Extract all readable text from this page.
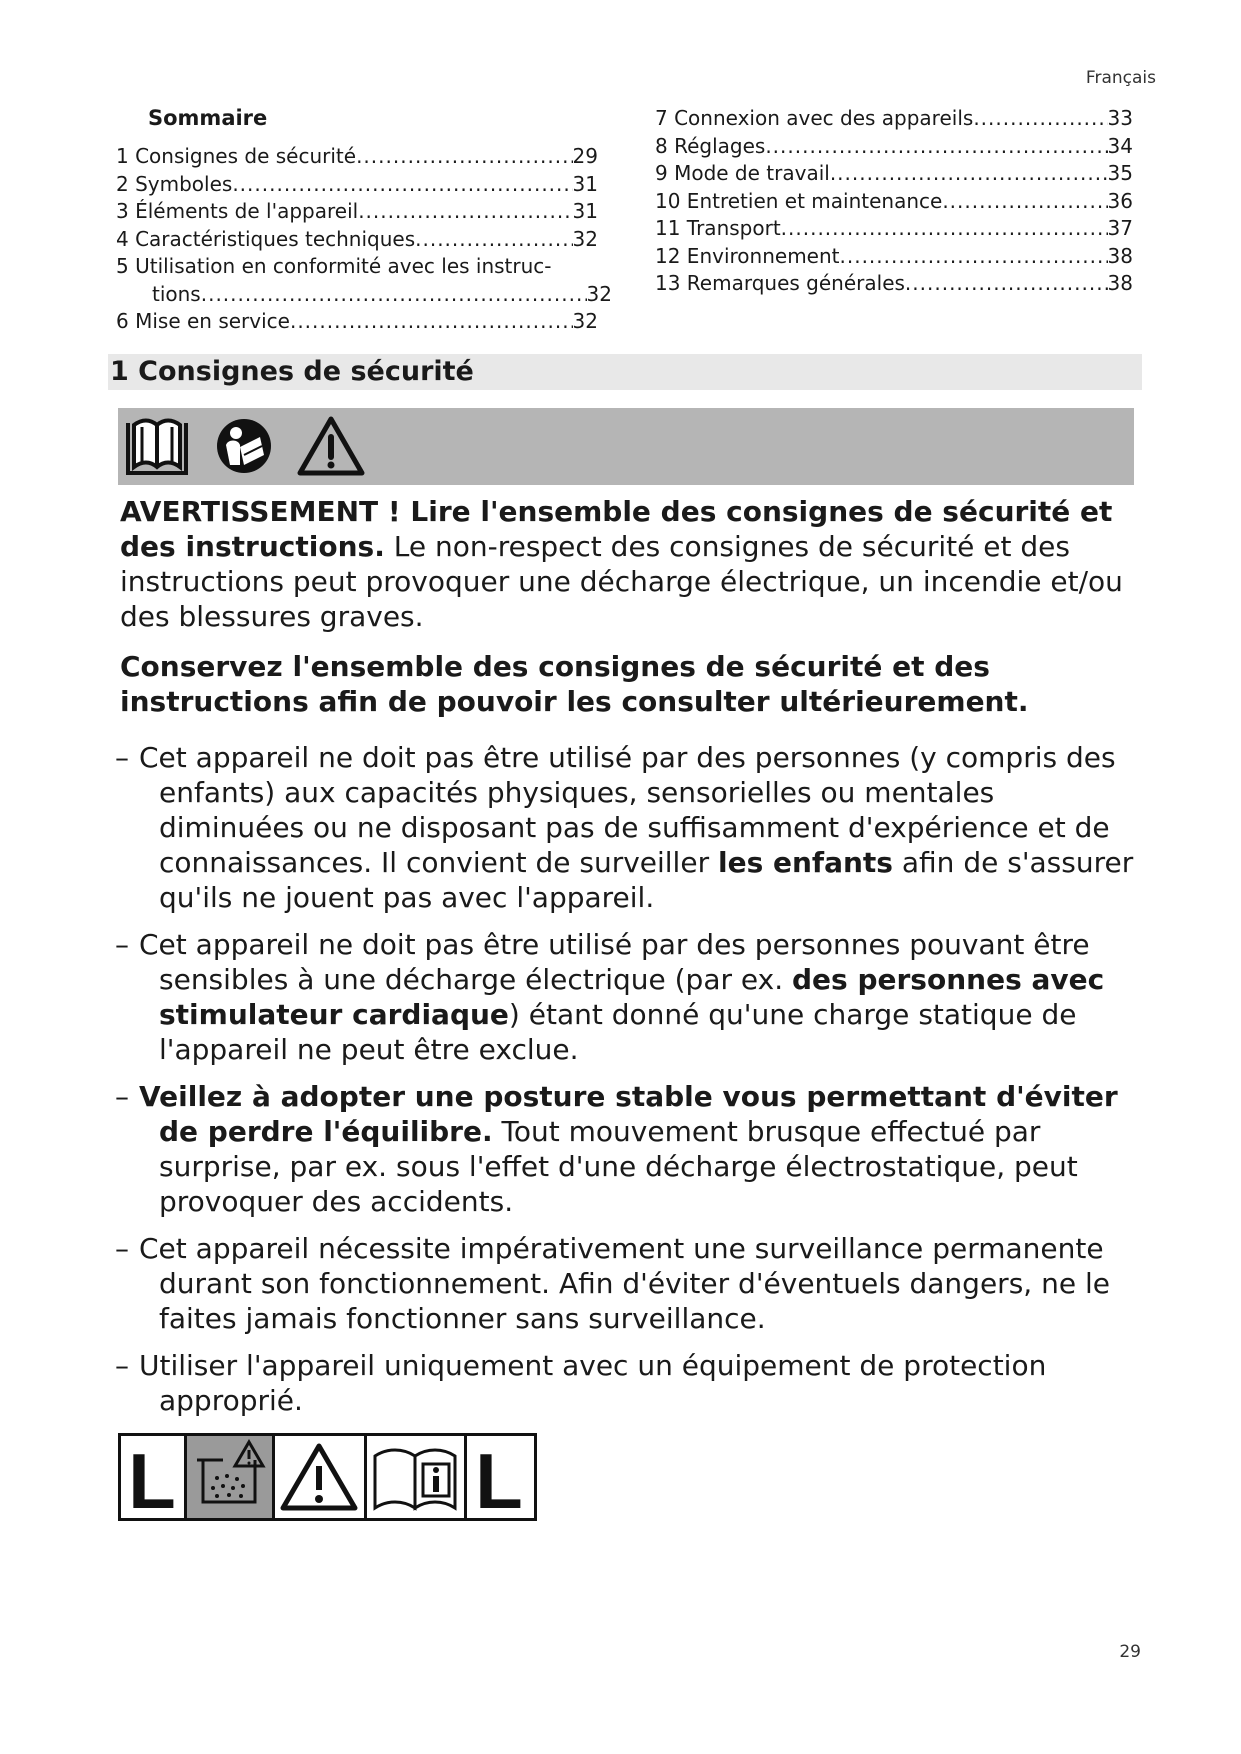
Français
Sommaire
1 Consignes de sécurité .....	29
2 Symboles .....	31
3 Éléments de l'appareil .....	31
4 Caractéristiques techniques .....	32
5 Utilisation en conformité avec les instruc-
tions .....	32
6 Mise en service .....	32
7 Connexion avec des appareils .....	33
8 Réglages .....	34
9 Mode de travail .....	35
10 Entretien et maintenance .....	36
11 Transport .....	37
12 Environnement .....	38
13 Remarques générales .....	38
1 Consignes de sécurité
AVERTISSEMENT ! Lire l'ensemble des consignes de sécurité et des instructions. Le non-respect des consignes de sécurité et des instructions peut provoquer une décharge électrique, un incendie et/ou des blessures graves.
Conservez l'ensemble des consignes de sécurité et des instructions afin de pouvoir les consulter ultérieurement.
– Cet appareil ne doit pas être utilisé par des personnes (y compris des enfants) aux capacités physiques, sensorielles ou mentales diminuées ou ne disposant pas de suffisamment d'expérience et de connaissances. Il convient de surveiller les enfants afin de s'assurer qu'ils ne jouent pas avec l'appareil.
– Cet appareil ne doit pas être utilisé par des personnes pouvant être sensibles à une décharge électrique (par ex. des personnes avec stimulateur cardiaque) étant donné qu'une charge statique de l'appareil ne peut être exclue.
– Veillez à adopter une posture stable vous permettant d'éviter de perdre l'équilibre. Tout mouvement brusque effectué par surprise, par ex. sous l'effet d'une décharge électrostatique, peut provoquer des accidents.
– Cet appareil nécessite impérativement une surveillance permanente durant son fonctionnement. Afin d'éviter d'éventuels dangers, ne le faites jamais fonctionner sans surveillance.
– Utiliser l'appareil uniquement avec un équipement de protection approprié.
L	L
29
